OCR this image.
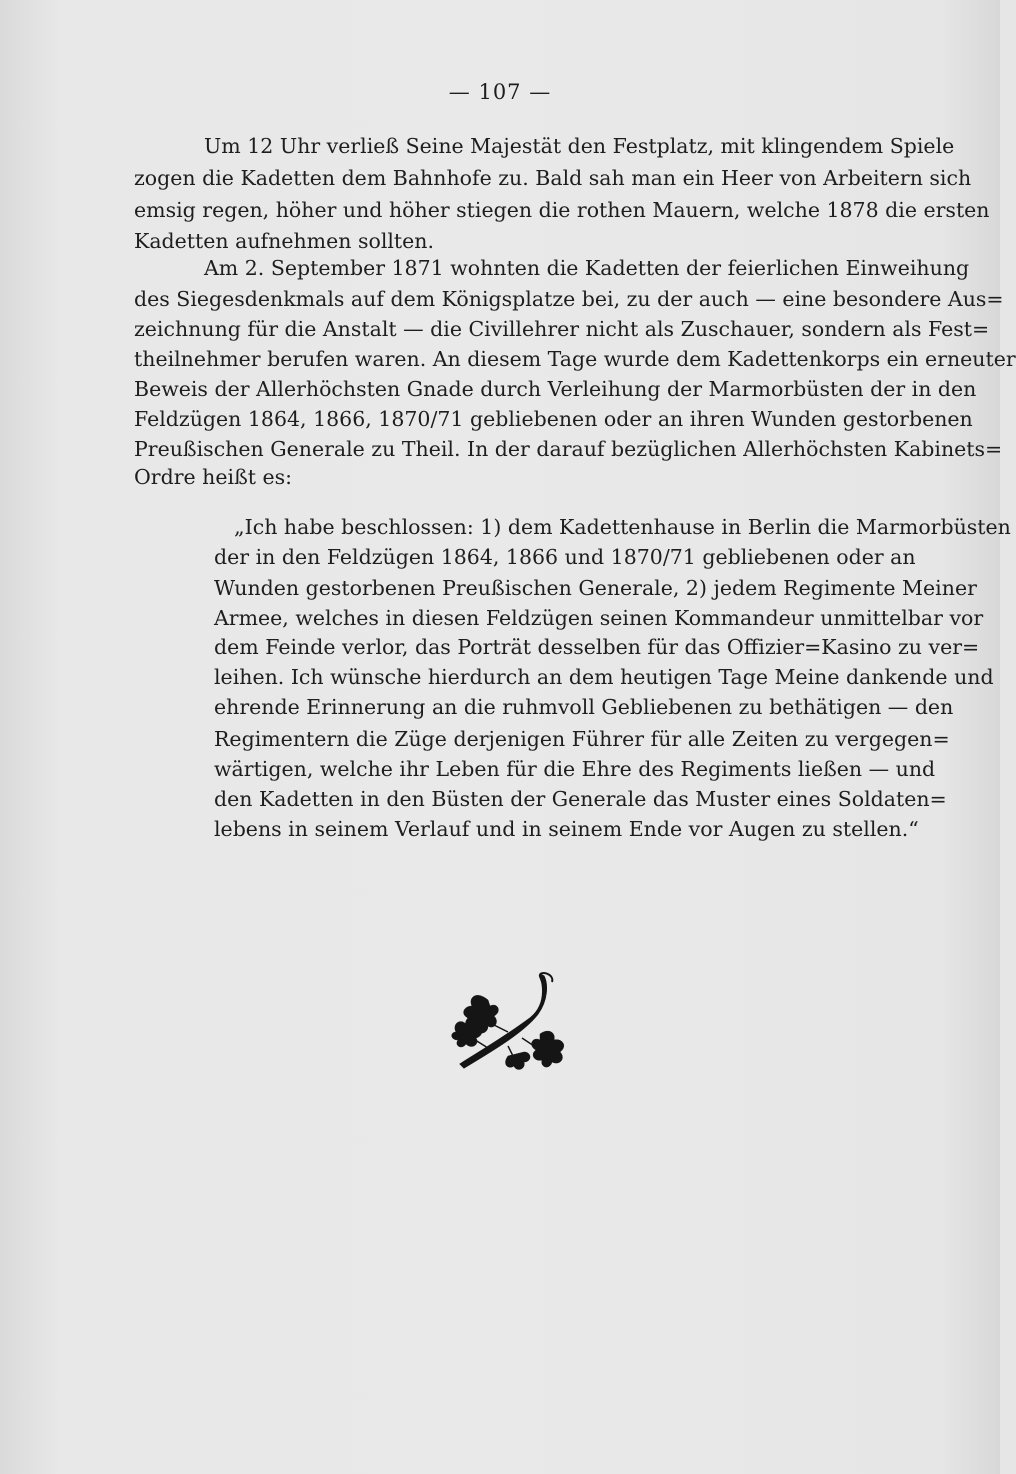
— 107 —
Um 12 Uhr verließ Seine Majestät den Festplatz, mit klingendem Spiele
zogen die Kadetten dem Bahnhofe zu. Bald sah man ein Heer von Arbeitern sich
emsig regen, höher und höher stiegen die rothen Mauern, welche 1878 die ersten
Kadetten aufnehmen sollten.
Am 2. September 1871 wohnten die Kadetten der feierlichen Einweihung
des Siegesdenkmals auf dem Königsplatze bei, zu der auch — eine besondere Aus=
zeichnung für die Anstalt — die Civillehrer nicht als Zuschauer, sondern als Fest=
theilnehmer berufen waren. An diesem Tage wurde dem Kadettenkorps ein erneuter
Beweis der Allerhöchsten Gnade durch Verleihung der Marmorbüsten der in den
Feldzügen 1864, 1866, 1870/71 gebliebenen oder an ihren Wunden gestorbenen
Preußischen Generale zu Theil. In der darauf bezüglichen Allerhöchsten Kabinets=
Ordre heißt es:
„Ich habe beschlossen: 1) dem Kadettenhause in Berlin die Marmorbüsten
der in den Feldzügen 1864, 1866 und 1870/71 gebliebenen oder an
Wunden gestorbenen Preußischen Generale, 2) jedem Regimente Meiner
Armee, welches in diesen Feldzügen seinen Kommandeur unmittelbar vor
dem Feinde verlor, das Porträt desselben für das Offizier=Kasino zu ver=
leihen. Ich wünsche hierdurch an dem heutigen Tage Meine dankende und
ehrende Erinnerung an die ruhmvoll Gebliebenen zu bethätigen — den
Regimentern die Züge derjenigen Führer für alle Zeiten zu vergegen=
wärtigen, welche ihr Leben für die Ehre des Regiments ließen — und
den Kadetten in den Büsten der Generale das Muster eines Soldaten=
lebens in seinem Verlauf und in seinem Ende vor Augen zu stellen.“
